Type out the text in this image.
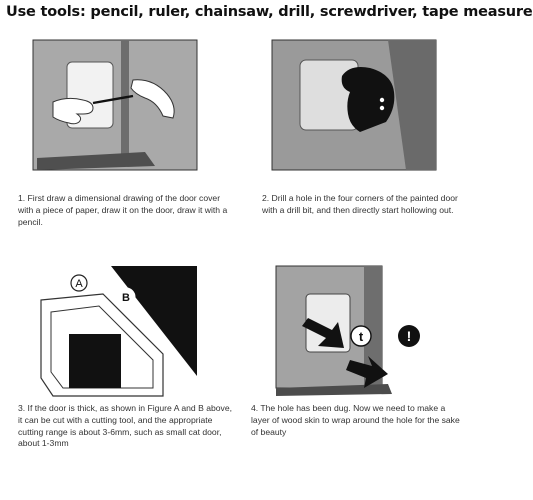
Use tools: pencil, ruler, chainsaw, drill, screwdriver, tape measure
A
B
t	!
1. First draw a dimensional drawing of the door cover with a piece of paper, draw it on the door, draw it with a pencil.
2. Drill a hole in the four corners of the painted door with a drill bit, and then directly start hollowing out.
3. If the door is thick, as shown in Figure A and B above, it can be cut with a cutting tool, and the appropriate cutting range is about 3-6mm, such as small cat door, about 1-3mm
4. The hole has been dug. Now we need to make a layer of wood skin to wrap around the hole for the sake of beauty
